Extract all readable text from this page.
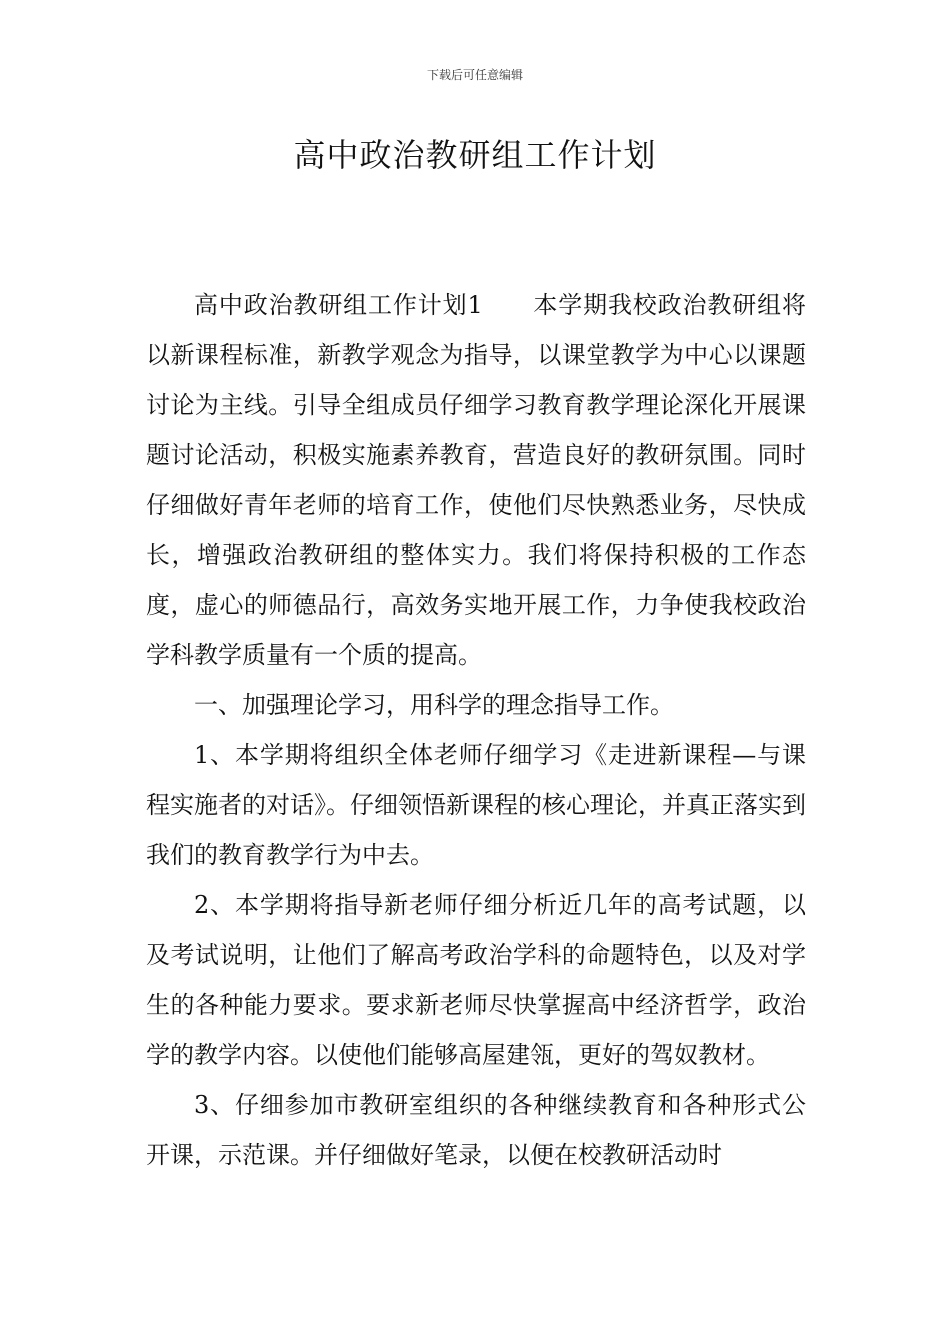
下载后可任意编辑
高中政治教研组工作计划

高中政治教研组工作计划1　　本学期我校政治教研组将以新课程标准，新教学观念为指导，以课堂教学为中心以课题讨论为主线。引导全组成员仔细学习教育教学理论深化开展课题讨论活动，积极实施素养教育，营造良好的教研氛围。同时仔细做好青年老师的培育工作，使他们尽快熟悉业务，尽快成长，增强政治教研组的整体实力。我们将保持积极的工作态度，虚心的师德品行，高效务实地开展工作，力争使我校政治学科教学质量有一个质的提高。

一、加强理论学习，用科学的理念指导工作。

1、本学期将组织全体老师仔细学习《走进新课程—与课程实施者的对话》。仔细领悟新课程的核心理论，并真正落实到我们的教育教学行为中去。

2、本学期将指导新老师仔细分析近几年的高考试题，以及考试说明，让他们了解高考政治学科的命题特色，以及对学生的各种能力要求。要求新老师尽快掌握高中经济哲学，政治学的教学内容。以使他们能够高屋建瓴，更好的驾奴教材。

3、仔细参加市教研室组织的各种继续教育和各种形式公开课，示范课。并仔细做好笔录，以便在校教研活动时
